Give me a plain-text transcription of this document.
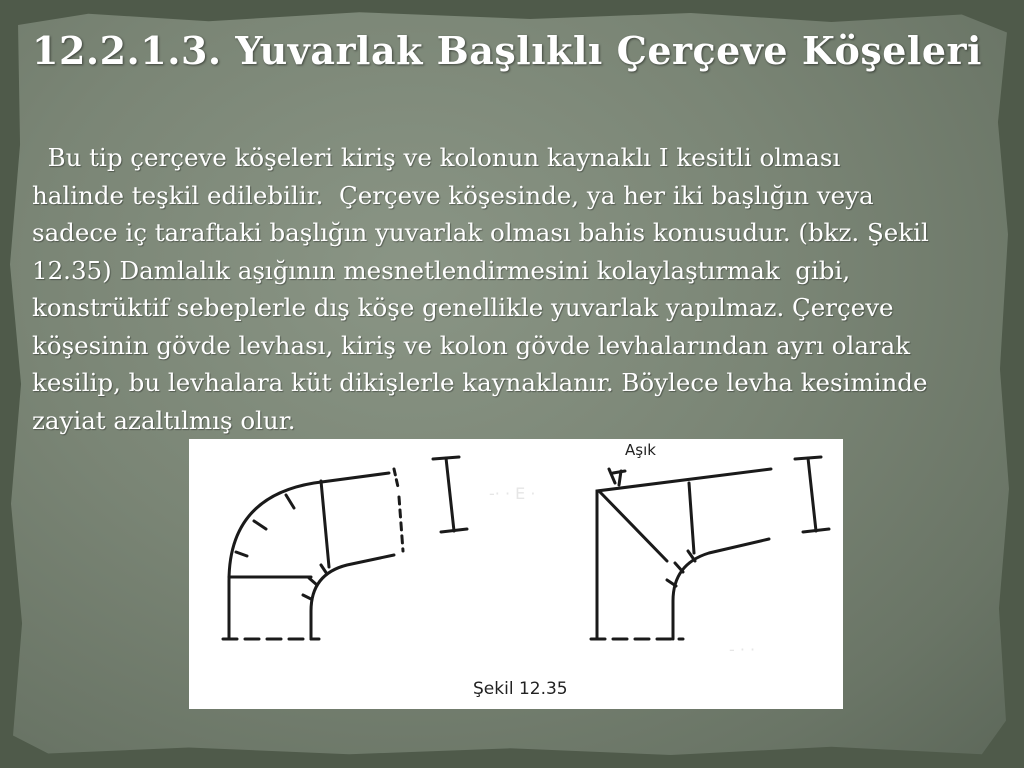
12.2.1.3. Yuvarlak Başlıklı Çerçeve Köşeleri
Bu tip çerçeve köşeleri kiriş ve kolonun kaynaklı I kesitli olması
halinde teşkil edilebilir.  Çerçeve köşesinde, ya her iki başlığın veya
sadece iç taraftaki başlığın yuvarlak olması bahis konusudur. (bkz. Şekil
12.35) Damlalık aşığının mesnetlendirmesini kolaylaştırmak  gibi,
konstrüktif sebeplerle dış köşe genellikle yuvarlak yapılmaz. Çerçeve
köşesinin gövde levhası, kiriş ve kolon gövde levhalarından ayrı olarak
kesilip, bu levhalara küt dikişlerle kaynaklanır. Böylece levha kesiminde
zayiat azaltılmış olur.
-· · E ·
- · ·
Aşık
Şekil 12.35
